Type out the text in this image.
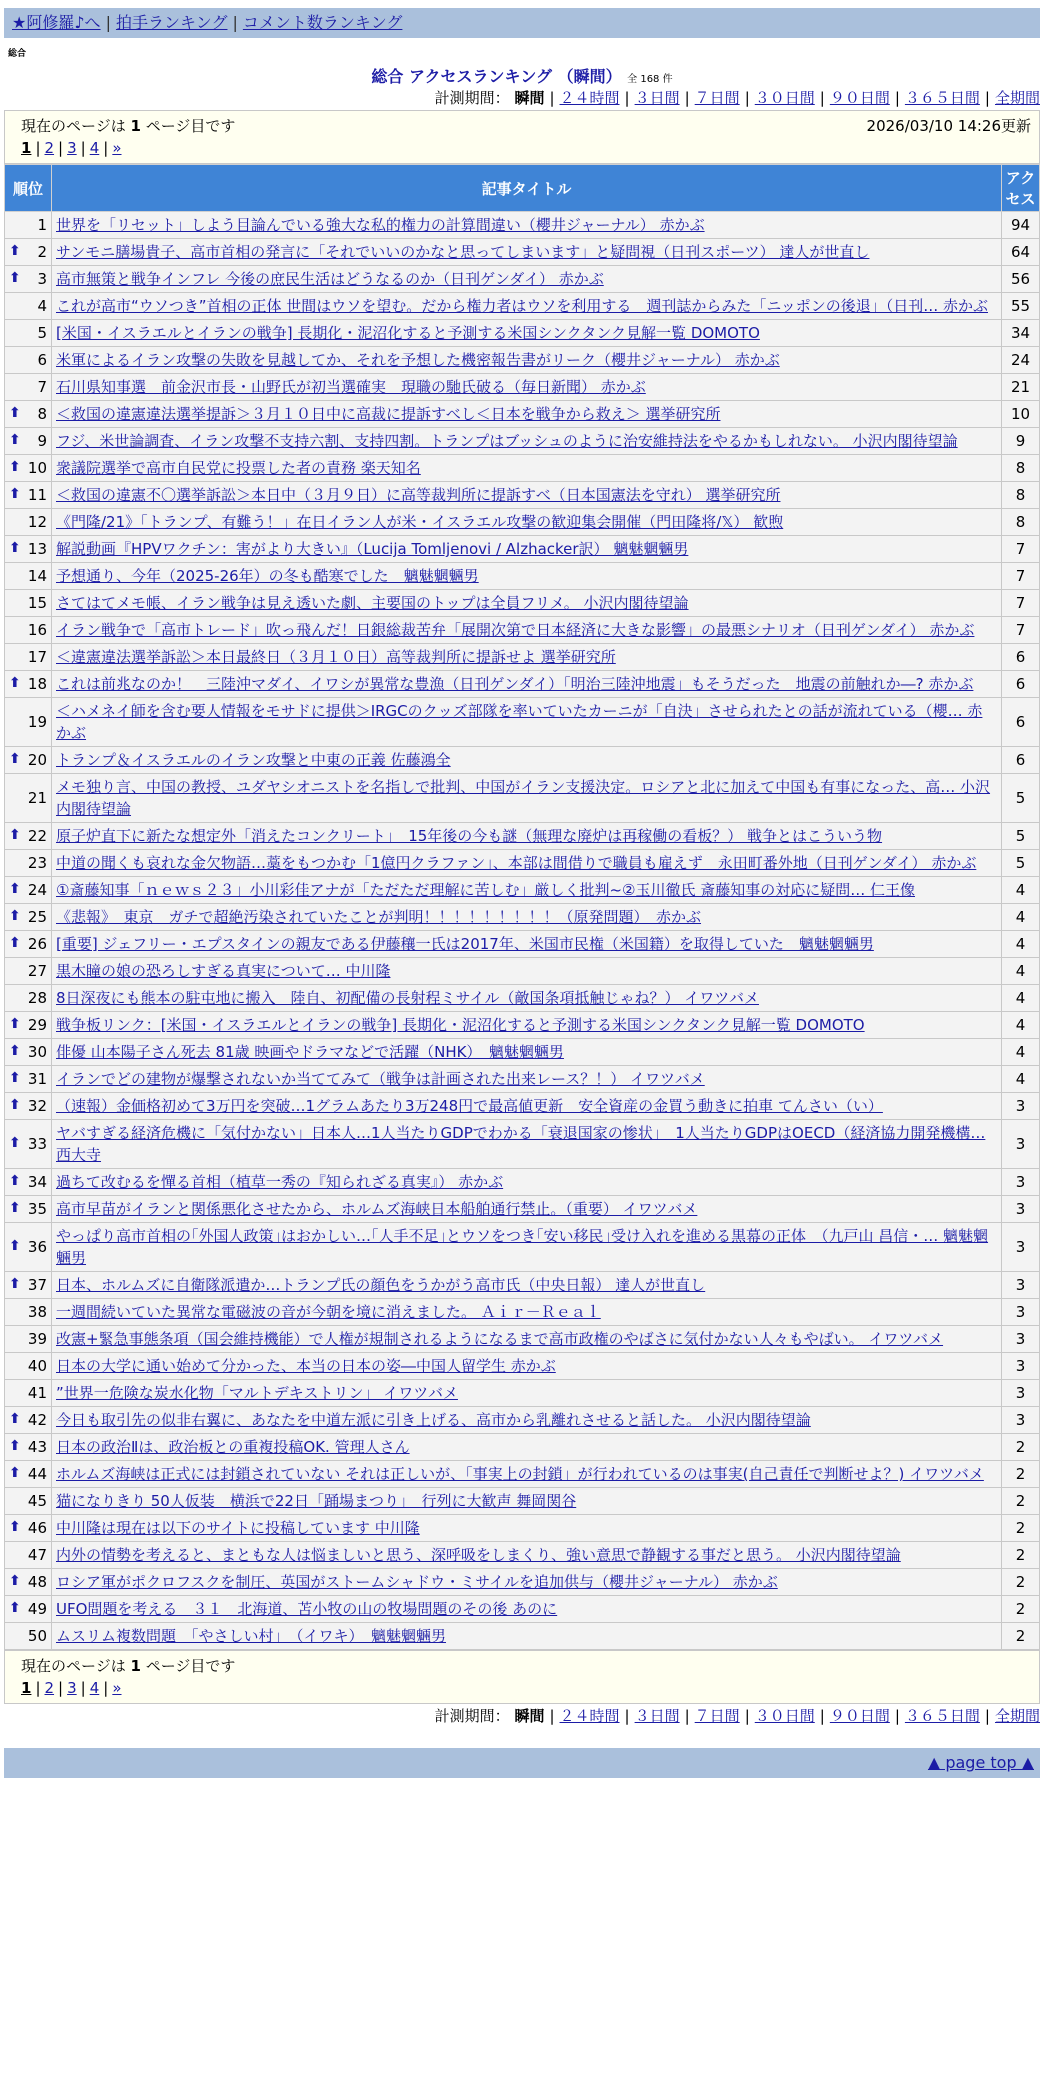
★阿修羅♪へ | 拍手ランキング | コメント数ランキング
総合
総合 アクセスランキング （瞬間） 全 168 件
計測期間： 瞬間 | ２４時間 | ３日間 | ７日間 | ３０日間 | ９０日間 | ３６５日間 | 全期間
現在のページは 1 ページ目です	2026/03/10 14:26更新
1 | 2 | 3 | 4 | »
順位	記事タイトル	アクセス
1	世界を「リセット」しよう目論んでいる強大な私的権力の計算間違い（櫻井ジャーナル） 赤かぶ	94

⬆ 2	サンモニ膳場貴子、高市首相の発言に「それでいいのかなと思ってしまいます」と疑問視（日刊スポーツ） 達人が世直し	64

⬆ 3	高市無策と戦争インフレ 今後の庶民生活はどうなるのか（日刊ゲンダイ） 赤かぶ	56
4	これが高市“ウソつき”首相の正体 世間はウソを望む。だから権力者はウソを利用する　週刊誌からみた「ニッポンの後退」（日刊… 赤かぶ	55
5	[米国・イスラエルとイランの戦争] 長期化・泥沼化すると予測する米国シンクタンク見解一覧 DOMOTO	34
6	米軍によるイラン攻撃の失敗を見越してか、それを予想した機密報告書がリーク（櫻井ジャーナル） 赤かぶ	24
7	石川県知事選　前金沢市長・山野氏が初当選確実　現職の馳氏破る（毎日新聞） 赤かぶ	21

⬆ 8	＜救国の違憲違法選挙提訴＞３月１０日中に高裁に提訴すべし＜日本を戦争から救え＞ 選挙研究所	10

⬆ 9	フジ、米世論調査、イラン攻撃不支持六割、支持四割。トランプはブッシュのように治安維持法をやるかもしれない。 小沢内閣待望論	9

⬆ 10	衆議院選挙で高市自民党に投票した者の責務 楽天知名	8

⬆ 11	＜救国の違憲不〇選挙訴訟＞本日中（３月９日）に高等裁判所に提訴すべ（日本国憲法を守れ） 選挙研究所	8
12	《門隆/21》「トランプ、有難う！」在日イラン人が米・イスラエル攻撃の歓迎集会開催（門田隆将/𝕏） 歓煦	8

⬆ 13	解説動画『HPVワクチン：害がより大きい』（Lucija Tomljenovi / Alzhacker訳） 魑魅魍魎男	7
14	予想通り、今年（2025-26年）の冬も酷寒でした　魑魅魍魎男	7
15	さてはてメモ帳、イラン戦争は見え透いた劇、主要国のトップは全員フリメ。 小沢内閣待望論	7
16	イラン戦争で「高市トレード」吹っ飛んだ！日銀総裁苦弁「展開次第で日本経済に大きな影響」の最悪シナリオ（日刊ゲンダイ） 赤かぶ	7
17	＜違憲違法選挙訴訟＞本日最終日（３月１０日）高等裁判所に提訴せよ 選挙研究所	6

⬆ 18	これは前兆なのか！　三陸沖マダイ、イワシが異常な豊漁（日刊ゲンダイ）「明治三陸沖地震」もそうだった　地震の前触れか―? 赤かぶ	6
19	＜ハメネイ師を含む要人情報をモサドに提供＞IRGCのクッズ部隊を率いていたカーニが「自決」させられたとの話が流れている（櫻… 赤かぶ	6

⬆ 20	トランプ＆イスラエルのイラン攻撃と中東の正義 佐藤鴻全	6
21	メモ独り言、中国の教授、ユダヤシオニストを名指しで批判、中国がイラン支援決定。ロシアと北に加えて中国も有事になった、高… 小沢内閣待望論	5

⬆ 22	原子炉直下に新たな想定外「消えたコンクリート」　15年後の今も謎（無理な廃炉は再稼働の看板？） 戦争とはこういう物	5
23	中道の聞くも哀れな金欠物語…藁をもつかむ「1億円クラファン」、本部は間借りで職員も雇えず　永田町番外地（日刊ゲンダイ） 赤かぶ	5

⬆ 24	①斎藤知事「ｎｅｗｓ２３」小川彩佳アナが「ただただ理解に苦しむ」厳しく批判~②玉川徹氏 斎藤知事の対応に疑問… 仁王像	4

⬆ 25	《悲報》　東京　ガチで超絶汚染されていたことが判明！！！！！！！！！（原発問題）　赤かぶ	4

⬆ 26	[重要] ジェフリー・エプスタインの親友である伊藤穰一氏は2017年、米国市民権（米国籍）を取得していた　魑魅魍魎男	4
27	黒木瞳の娘の恐ろしすぎる真実について… 中川隆	4
28	8日深夜にも熊本の駐屯地に搬入　陸自、初配備の長射程ミサイル（敵国条項抵触じゃね？） イワツバメ	4

⬆ 29	戦争板リンク：[米国・イスラエルとイランの戦争] 長期化・泥沼化すると予測する米国シンクタンク見解一覧 DOMOTO	4

⬆ 30	俳優 山本陽子さん死去 81歳 映画やドラマなどで活躍（NHK）　魑魅魍魎男	4

⬆ 31	イランでどの建物が爆撃されないか当ててみて（戦争は計画された出来レース？！） イワツバメ	4

⬆ 32	（速報）金価格初めて3万円を突破…1グラムあたり3万248円で最高値更新　安全資産の金買う動きに拍車 てんさい（い）	3

⬆ 33	ヤバすぎる経済危機に「気付かない」日本人…1人当たりGDPでわかる「衰退国家の惨状」　1人当たりGDPはOECD（経済協力開発機構… 西大寺	3

⬆ 34	過ちて改むるを憚る首相（植草一秀の『知られざる真実』） 赤かぶ	3

⬆ 35	高市早苗がイランと関係悪化させたから、ホルムズ海峡日本船舶通行禁止。（重要） イワツバメ	3

⬆ 36	やっぱり高市首相の｢外国人政策｣はおかしい…｢人手不足｣とウソをつき｢安い移民｣受け入れを進める黒幕の正体　（九戸山 昌信・… 魑魅魍魎男	3

⬆ 37	日本、ホルムズに自衛隊派遣か…トランプ氏の顔色をうかがう高市氏（中央日報） 達人が世直し	3
38	一週間続いていた異常な電磁波の音が今朝を境に消えました。 Ａｉｒ－Ｒｅａｌ	3
39	改憲+緊急事態条項（国会維持機能）で人権が規制されるようになるまで高市政権のやばさに気付かない人々もやばい。 イワツバメ	3
40	日本の大学に通い始めて分かった、本当の日本の姿―中国人留学生 赤かぶ	3
41	”世界一危険な炭水化物「マルトデキストリン」 イワツバメ	3

⬆ 42	今日も取引先の似非右翼に、あなたを中道左派に引き上げる、高市から乳離れさせると話した。 小沢内閣待望論	3

⬆ 43	日本の政治Ⅱは、政治板との重複投稿OK. 管理人さん	2

⬆ 44	ホルムズ海峡は正式には封鎖されていない それは正しいが、「事実上の封鎖」が行われているのは事実(自己責任で判断せよ？) イワツバメ	2
45	猫になりきり 50人仮装　横浜で22日「踊場まつり」　行列に大歓声 舞岡関谷	2

⬆ 46	中川隆は現在は以下のサイトに投稿しています 中川隆	2
47	内外の情勢を考えると、まともな人は悩ましいと思う、深呼吸をしまくり、強い意思で静観する事だと思う。 小沢内閣待望論	2

⬆ 48	ロシア軍がポクロフスクを制圧、英国がストームシャドウ・ミサイルを追加供与（櫻井ジャーナル） 赤かぶ	2

⬆ 49	UFO問題を考える　３１　北海道、苫小牧の山の牧場問題のその後 あのに	2
50	ムスリム複数問題　「やさしい村」　（イワキ）　魑魅魍魎男	2
現在のページは 1 ページ目です
1 | 2 | 3 | 4 | »
計測期間： 瞬間 | ２４時間 | ３日間 | ７日間 | ３０日間 | ９０日間 | ３６５日間 | 全期間
▲ page top ▲
